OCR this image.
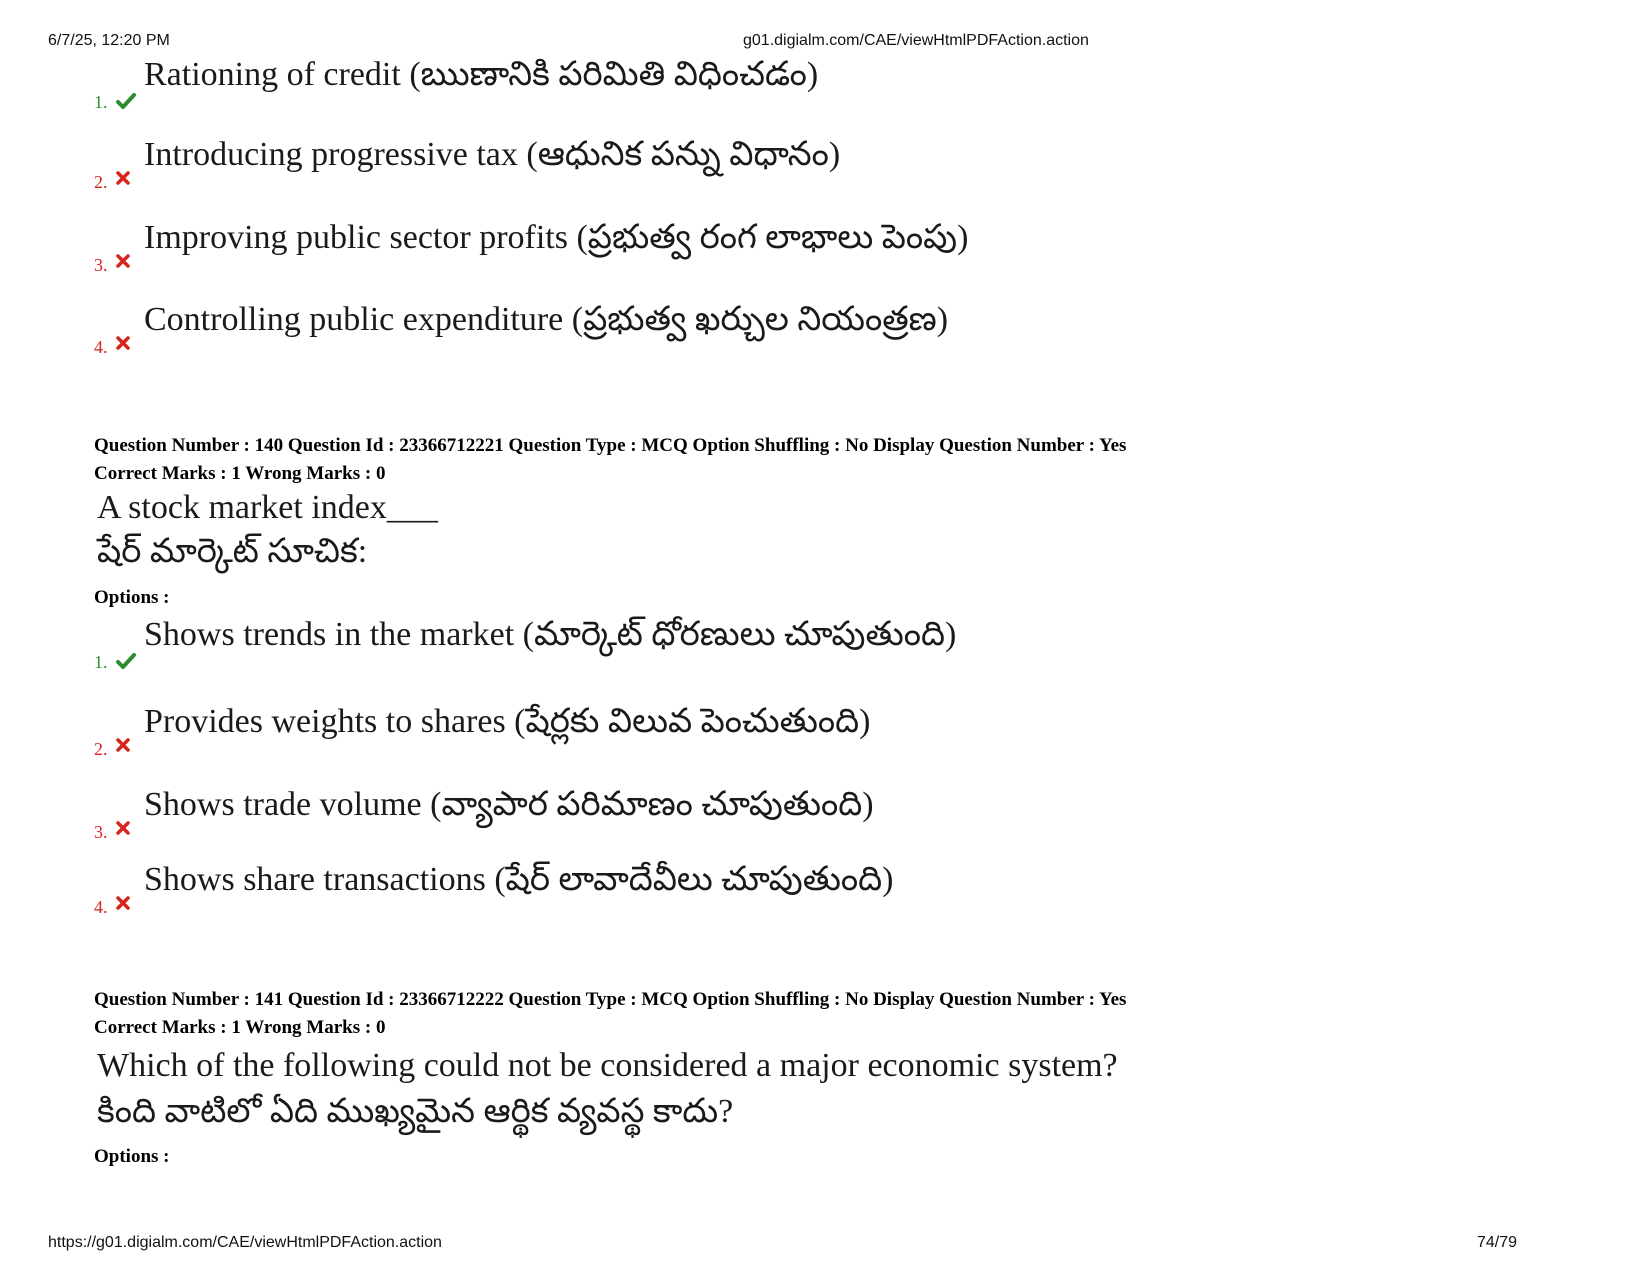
6/7/25, 12:20 PM	g01.digialm.com/CAE/viewHtmlPDFAction.action
1.
Rationing of credit (ఋణానికి పరిమితి విధించడం)
2.
Introducing progressive tax (ఆధునిక పన్ను విధానం)
3.
Improving public sector profits (ప్రభుత్వ రంగ లాభాలు పెంపు)
4.
Controlling public expenditure (ప్రభుత్వ ఖర్చుల నియంత్రణ)
Question Number : 140 Question Id : 23366712221 Question Type : MCQ Option Shuffling : No Display Question Number : Yes
Correct Marks : 1 Wrong Marks : 0
A stock market index___
షేర్ మార్కెట్ సూచిక:
Options :
1.
Shows trends in the market (మార్కెట్ ధోరణులు చూపుతుంది)
2.
Provides weights to shares (షేర్లకు విలువ పెంచుతుంది)
3.
Shows trade volume (వ్యాపార పరిమాణం చూపుతుంది)
4.
Shows share transactions (షేర్ లావాదేవీలు చూపుతుంది)
Question Number : 141 Question Id : 23366712222 Question Type : MCQ Option Shuffling : No Display Question Number : Yes
Correct Marks : 1 Wrong Marks : 0
Which of the following could not be considered a major economic system?
కింది వాటిలో ఏది ముఖ్యమైన ఆర్థిక వ్యవస్థ కాదు?
Options :
https://g01.digialm.com/CAE/viewHtmlPDFAction.action	74/79
